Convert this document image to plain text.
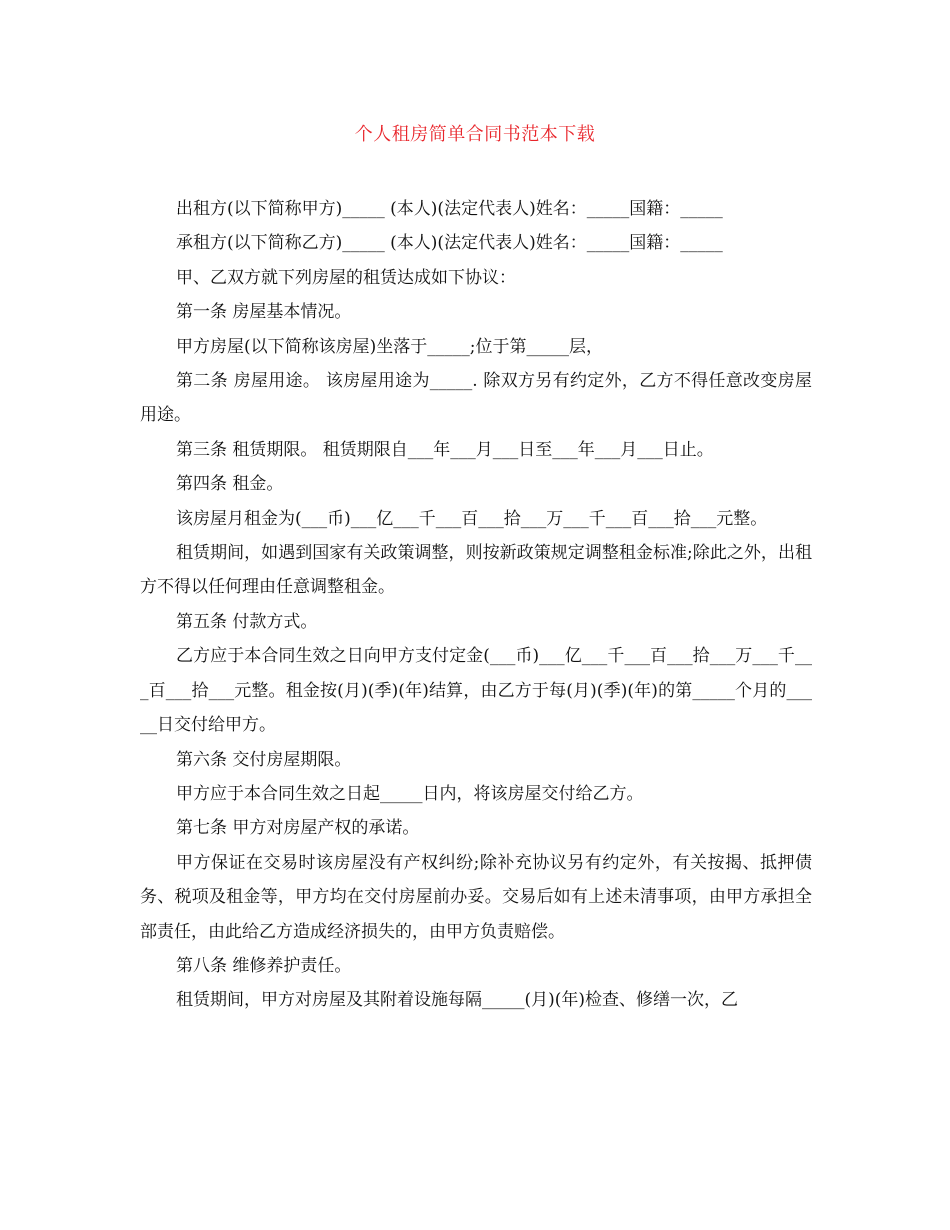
个人租房简单合同书范本下载

出租方(以下简称甲方)_____ (本人)(法定代表人)姓名：_____国籍：_____

承租方(以下简称乙方)_____ (本人)(法定代表人)姓名：_____国籍：_____

甲、乙双方就下列房屋的租赁达成如下协议：

第一条 房屋基本情况。

甲方房屋(以下简称该房屋)坐落于_____;位于第_____层，

第二条 房屋用途。 该房屋用途为_____. 除双方另有约定外，乙方不得任意改变房屋用途。

第三条 租赁期限。 租赁期限自___年___月___日至___年___月___日止。

第四条 租金。

该房屋月租金为(___币)___亿___千___百___拾___万___千___百___拾___元整。

租赁期间，如遇到国家有关政策调整，则按新政策规定调整租金标准;除此之外，出租方不得以任何理由任意调整租金。

第五条 付款方式。

乙方应于本合同生效之日向甲方支付定金(___币)___亿___千___百___拾___万___千___百___拾___元整。租金按(月)(季)(年)结算，由乙方于每(月)(季)(年)的第_____个月的_____日交付给甲方。

第六条 交付房屋期限。

甲方应于本合同生效之日起_____日内，将该房屋交付给乙方。

第七条 甲方对房屋产权的承诺。

甲方保证在交易时该房屋没有产权纠纷;除补充协议另有约定外，有关按揭、抵押债务、税项及租金等，甲方均在交付房屋前办妥。交易后如有上述未清事项，由甲方承担全部责任，由此给乙方造成经济损失的，由甲方负责赔偿。

第八条 维修养护责任。

租赁期间，甲方对房屋及其附着设施每隔_____(月)(年)检查、修缮一次，乙
